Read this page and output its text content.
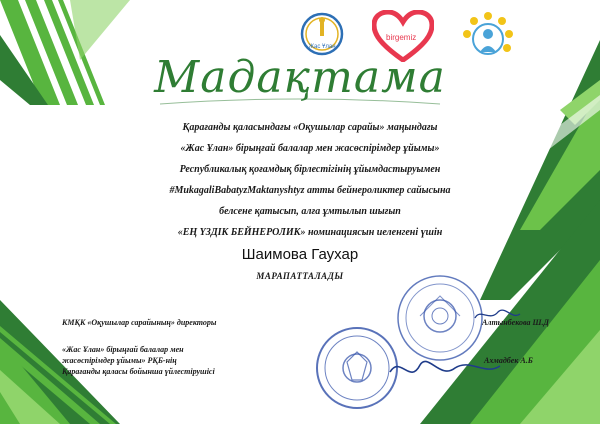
Жас Ұлан
birgemiz
Мадақтама
Қарағанды қаласындағы «Оқушылар сарайы» маңындағы
«Жас Ұлан» бірыңғай балалар мен жасөспірімдер ұйымы»
Республикалық қоғамдық бірлестігінің ұйымдастыруымен
#MukagaliBabatyzMaktanyshtyz атты бейнероликтер сайысына
белсене қатысып, алға ұмтылып шығып
«ЕҢ ҮЗДІК БЕЙНЕРОЛИК» номинациясын иеленгені үшін
Шаимова Гаухар
МАРАПАТТАЛАДЫ
КМҚК «Оқушылар сарайының» директоры	Алтынбекова Ш.Д
«Жас Ұлан» бірыңғай балалар мен
жасөспірімдер ұйымы» РҚБ-нің
Қарағанды қаласы бойынша үйлестірушісі
Ахмадбек А.Б
